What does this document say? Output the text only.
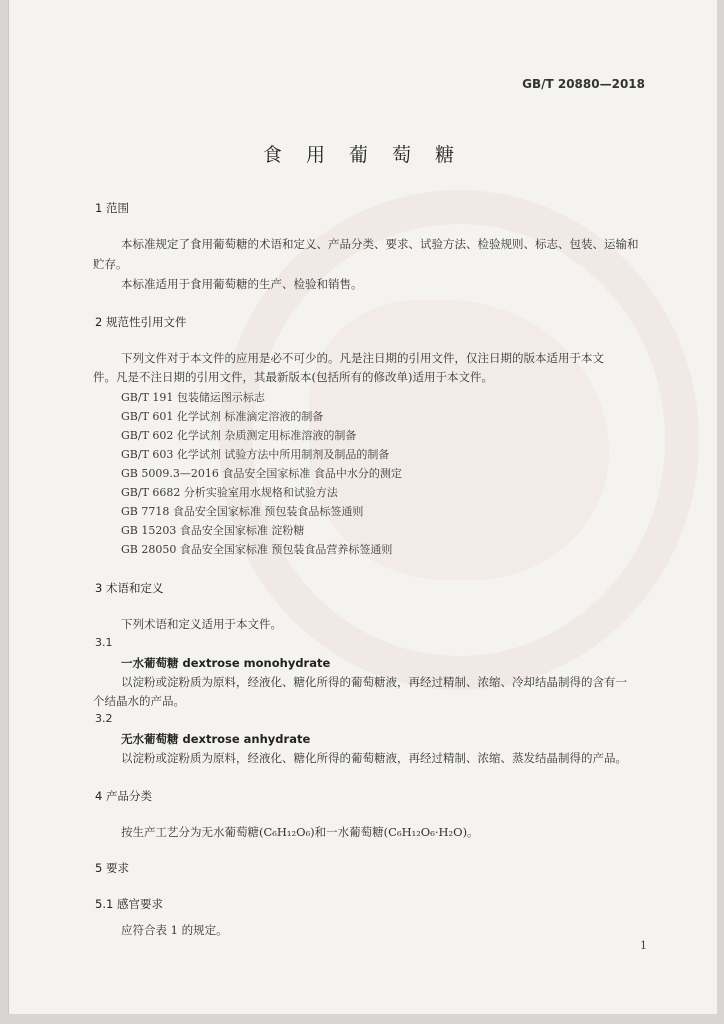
GB/T 20880—2018
食 用 葡 萄 糖
1 范围
本标准规定了食用葡萄糖的术语和定义、产品分类、要求、试验方法、检验规则、标志、包装、运输和
贮存。
本标准适用于食用葡萄糖的生产、检验和销售。
2 规范性引用文件
下列文件对于本文件的应用是必不可少的。凡是注日期的引用文件，仅注日期的版本适用于本文
件。凡是不注日期的引用文件，其最新版本(包括所有的修改单)适用于本文件。
GB/T 191 包装储运图示标志
GB/T 601 化学试剂 标准滴定溶液的制备
GB/T 602 化学试剂 杂质测定用标准溶液的制备
GB/T 603 化学试剂 试验方法中所用制剂及制品的制备
GB 5009.3—2016 食品安全国家标准 食品中水分的测定
GB/T 6682 分析实验室用水规格和试验方法
GB 7718 食品安全国家标准 预包装食品标签通则
GB 15203 食品安全国家标准 淀粉糖
GB 28050 食品安全国家标准 预包装食品营养标签通则
3 术语和定义
下列术语和定义适用于本文件。
3.1
一水葡萄糖 dextrose monohydrate
以淀粉或淀粉质为原料，经液化、糖化所得的葡萄糖液，再经过精制、浓缩、冷却结晶制得的含有一
个结晶水的产品。
3.2
无水葡萄糖 dextrose anhydrate
以淀粉或淀粉质为原料，经液化、糖化所得的葡萄糖液，再经过精制、浓缩、蒸发结晶制得的产品。
4 产品分类
按生产工艺分为无水葡萄糖(C₆H₁₂O₆)和一水葡萄糖(C₆H₁₂O₆·H₂O)。
5 要求
5.1 感官要求
应符合表 1 的规定。
1
